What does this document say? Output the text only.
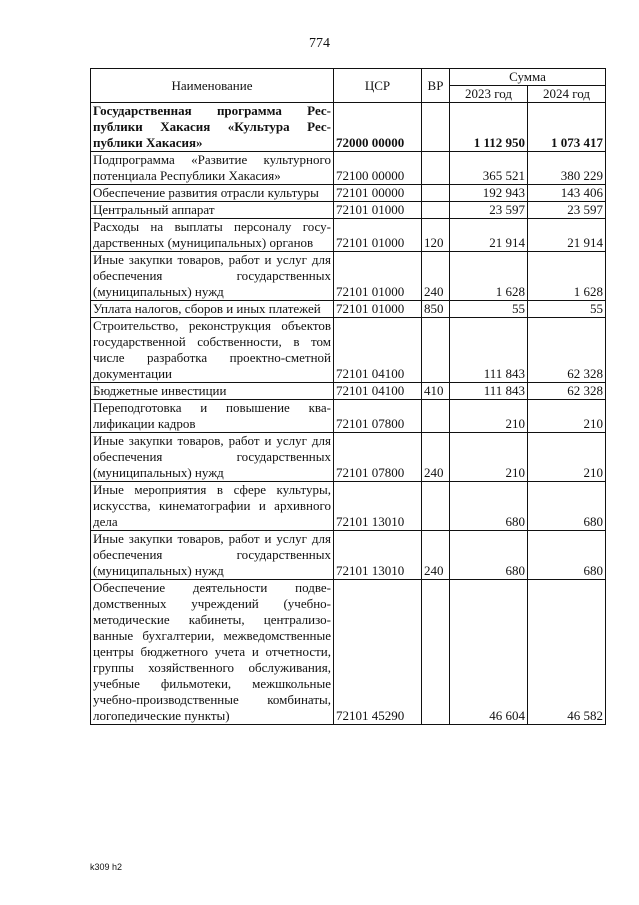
774
Наименование	ЦСР	ВР	Сумма	
			2023 год	2024 год
Государственная программа Республики Хакасия «Культура Республики Хакасия»	72000 00000		1 112 950	1 073 417
Подпрограмма «Развитие культурного потенциала Республики Хакасия»	72100 00000		365 521	380 229
Обеспечение развития отрасли культуры	72101 00000		192 943	143 406
Центральный аппарат	72101 01000		23 597	23 597
Расходы на выплаты персоналу государственных (муниципальных) органов	72101 01000	120	21 914	21 914
Иные закупки товаров, работ и услуг для обеспечения государственных (муниципальных) нужд	72101 01000	240	1 628	1 628
Уплата налогов, сборов и иных платежей	72101 01000	850	55	55
Строительство, реконструкция объектов государственной собственности, в том числе разработка проектно-сметной документации	72101 04100		111 843	62 328
Бюджетные инвестиции	72101 04100	410	111 843	62 328
Переподготовка и повышение квалификации кадров	72101 07800		210	210
Иные закупки товаров, работ и услуг для обеспечения государственных (муниципальных) нужд	72101 07800	240	210	210
Иные мероприятия в сфере культуры, искусства, кинематографии и архивного дела	72101 13010		680	680
Иные закупки товаров, работ и услуг для обеспечения государственных (муниципальных) нужд	72101 13010	240	680	680
Обеспечение деятельности подведомственных учреждений (учебно-методические кабинеты, централизованные бухгалтерии, межведомственные центры бюджетного учета и отчетности, группы хозяйственного обслуживания, учебные фильмотеки, межшкольные учебно-производственные комбинаты, логопедические пункты)	72101 45290		46 604	46 582
k309 h2
